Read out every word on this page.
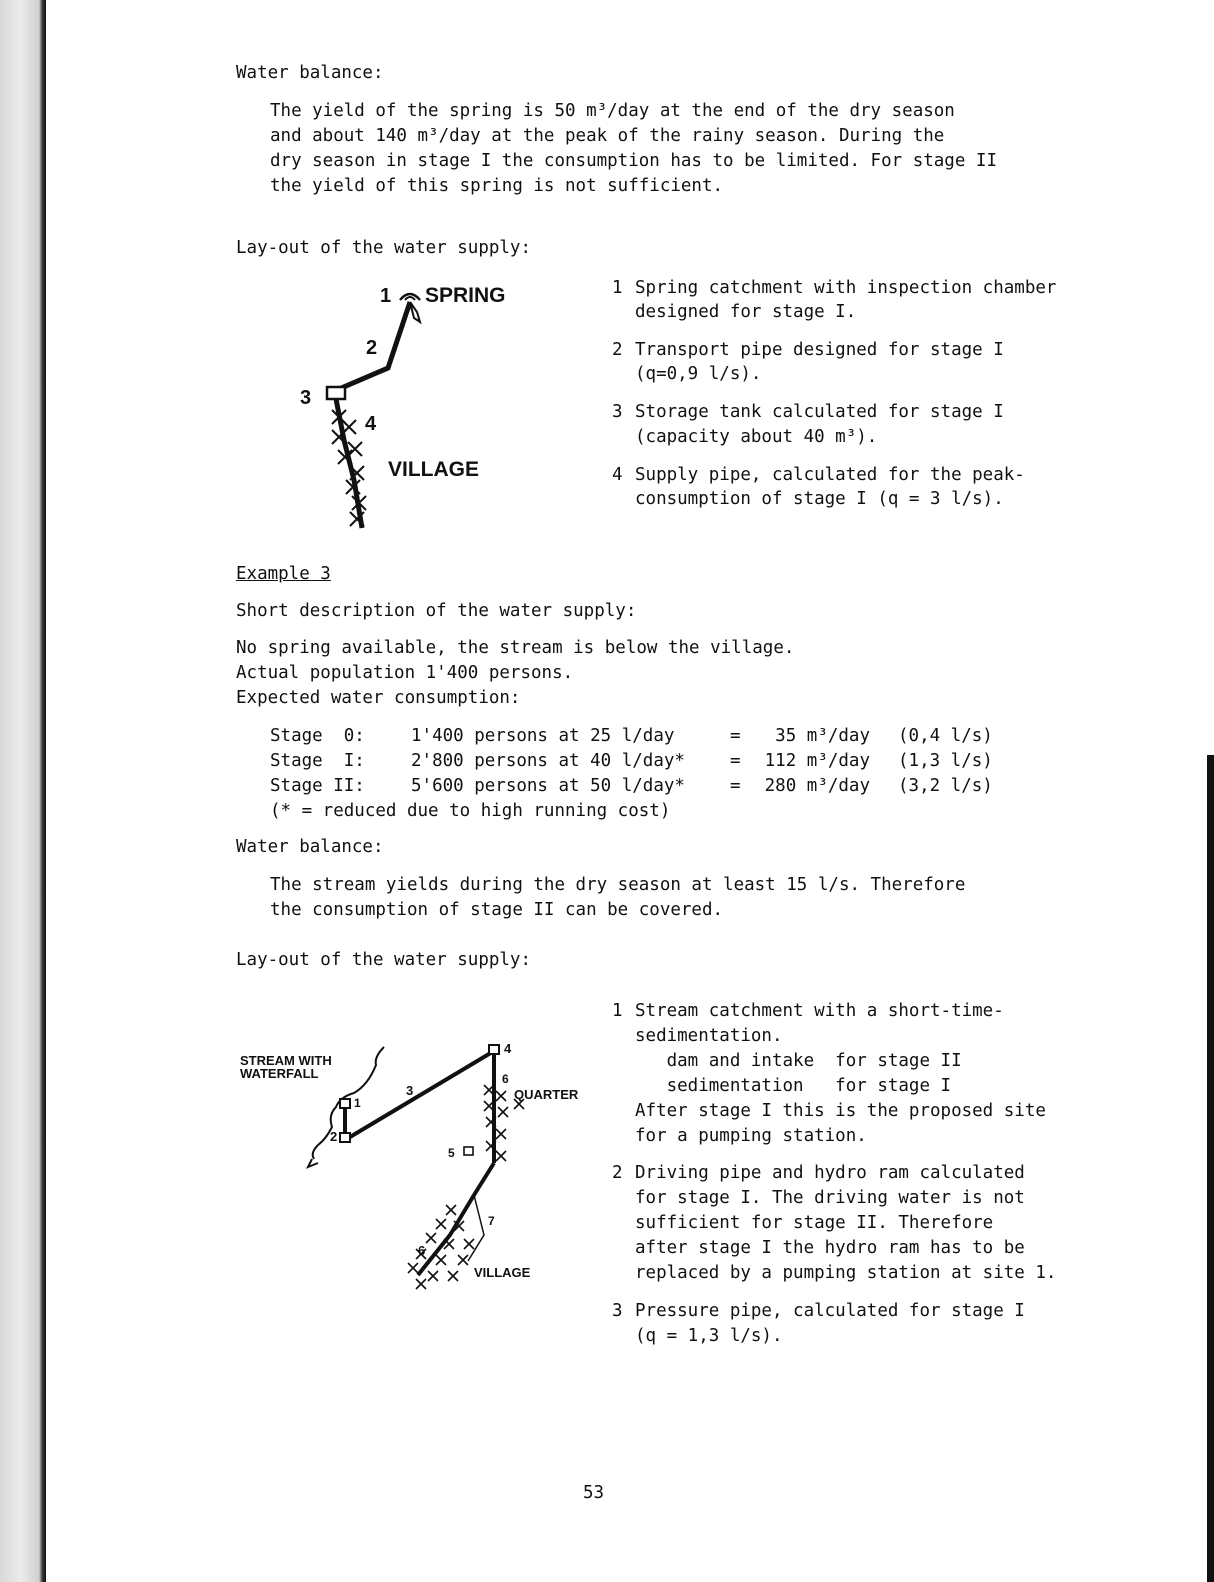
Water balance:
The yield of the spring is 50 m³/day at the end of the dry season
and about 140 m³/day at the peak of the rainy season. During the
dry season in stage I the consumption has to be limited. For stage II
the yield of this spring is not sufficient.
Lay-out of the water supply:
1 SPRING
2
3
4
VILLAGE
1 Spring catchment with inspection chamber
designed for stage I.
2 Transport pipe designed for stage I
(q=0,9 l/s).
3 Storage tank calculated for stage I
(capacity about 40 m³).
4 Supply pipe, calculated for the peak-
consumption of stage I (q = 3 l/s).
Example 3
Short description of the water supply:
No spring available, the stream is below the village.
Actual population 1'400 persons.
Expected water consumption:
Stage  0:	1'400 persons at 25 l/day =	35 m³/day (0,4 l/s)
Stage  I:	2'800 persons at 40 l/day*	= 112 m³/day (1,3 l/s)
Stage II:	5'600 persons at 50 l/day*	= 280 m³/day (3,2 l/s)
(* = reduced due to high running cost)
Water balance:
The stream yields during the dry season at least 15 l/s. Therefore
the consumption of stage II can be covered.
Lay-out of the water supply:
STREAM WITH
WATERFALL
1
2
3
4
6
QUARTER
5
7
6
VILLAGE
1 Stream catchment with a short-time-
sedimentation.
dam and intake  for stage II
sedimentation   for stage I
After stage I this is the proposed site
for a pumping station.
2 Driving pipe and hydro ram calculated
for stage I. The driving water is not
sufficient for stage II. Therefore
after stage I the hydro ram has to be
replaced by a pumping station at site 1.
3 Pressure pipe, calculated for stage I
(q = 1,3 l/s).
53
